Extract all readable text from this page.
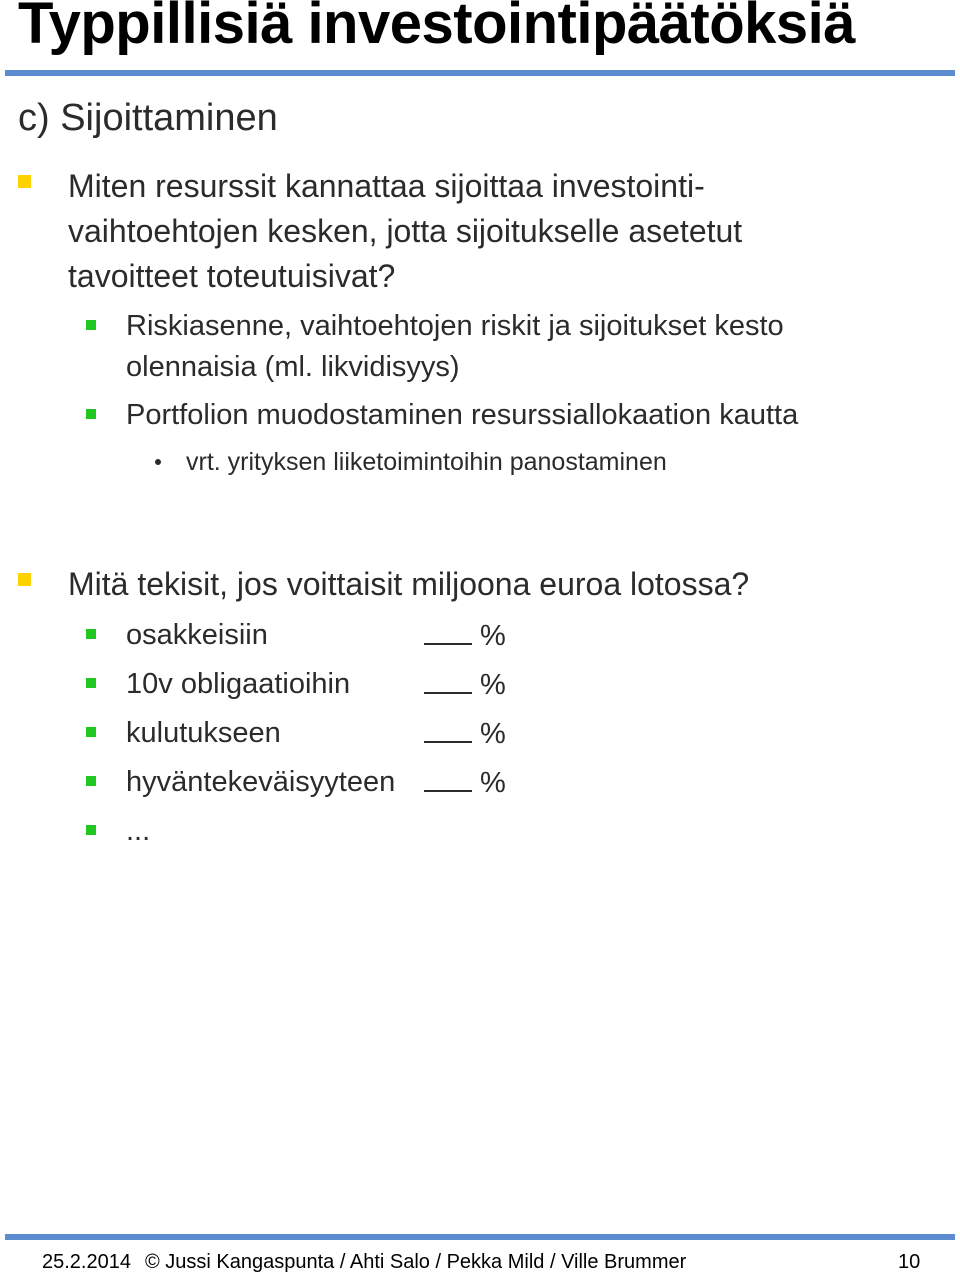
Typpillisiä investointipäätöksiä
c) Sijoittaminen
Miten resurssit kannattaa sijoittaa investointi-
vaihtoehtojen kesken, jotta sijoitukselle asetetut
tavoitteet toteutuisivat?
Riskiasenne, vaihtoehtojen riskit ja sijoitukset kesto
olennaisia (ml. likvidisyys)
Portfolion muodostaminen resurssiallokaation kautta
vrt. yrityksen liiketoimintoihin panostaminen
Mitä tekisit, jos voittaisit miljoona euroa lotossa?
osakkeisiin	%
10v obligaatioihin	%
kulutukseen	%
hyväntekeväisyyteen	%
...
25.2.2014 © Jussi Kangaspunta / Ahti Salo / Pekka Mild / Ville Brummer	10
